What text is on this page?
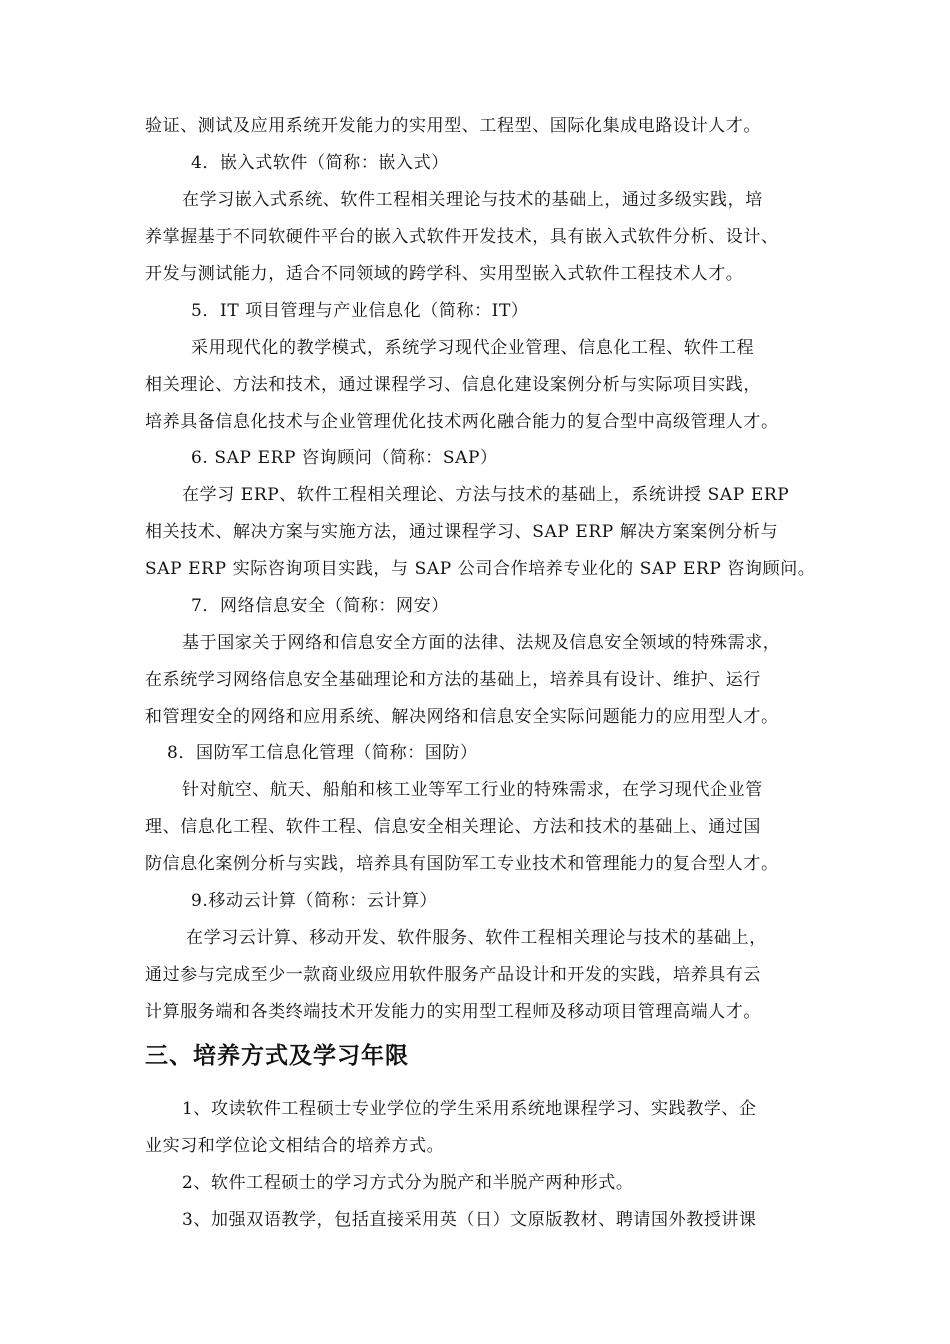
验证、测试及应用系统开发能力的实用型、工程型、国际化集成电路设计人才。
4．嵌入式软件（简称：嵌入式）
在学习嵌入式系统、软件工程相关理论与技术的基础上，通过多级实践，培
养掌握基于不同软硬件平台的嵌入式软件开发技术，具有嵌入式软件分析、设计、
开发与测试能力，适合不同领域的跨学科、实用型嵌入式软件工程技术人才。
5．IT 项目管理与产业信息化（简称：IT）
采用现代化的教学模式，系统学习现代企业管理、信息化工程、软件工程
相关理论、方法和技术，通过课程学习、信息化建设案例分析与实际项目实践，
培养具备信息化技术与企业管理优化技术两化融合能力的复合型中高级管理人才。
6. SAP ERP 咨询顾问（简称：SAP）
在学习 ERP、软件工程相关理论、方法与技术的基础上，系统讲授 SAP ERP
相关技术、解决方案与实施方法，通过课程学习、SAP ERP 解决方案案例分析与
SAP ERP 实际咨询项目实践，与 SAP 公司合作培养专业化的 SAP ERP 咨询顾问。
7．网络信息安全（简称：网安）
基于国家关于网络和信息安全方面的法律、法规及信息安全领域的特殊需求，
在系统学习网络信息安全基础理论和方法的基础上，培养具有设计、维护、运行
和管理安全的网络和应用系统、解决网络和信息安全实际问题能力的应用型人才。
8．国防军工信息化管理（简称：国防）
针对航空、航天、船舶和核工业等军工行业的特殊需求，在学习现代企业管
理、信息化工程、软件工程、信息安全相关理论、方法和技术的基础上、通过国
防信息化案例分析与实践，培养具有国防军工专业技术和管理能力的复合型人才。
9.移动云计算（简称：云计算）
在学习云计算、移动开发、软件服务、软件工程相关理论与技术的基础上，
通过参与完成至少一款商业级应用软件服务产品设计和开发的实践，培养具有云
计算服务端和各类终端技术开发能力的实用型工程师及移动项目管理高端人才。
三、培养方式及学习年限
1、攻读软件工程硕士专业学位的学生采用系统地课程学习、实践教学、企
业实习和学位论文相结合的培养方式。
2、软件工程硕士的学习方式分为脱产和半脱产两种形式。
3、加强双语教学，包括直接采用英（日）文原版教材、聘请国外教授讲课
